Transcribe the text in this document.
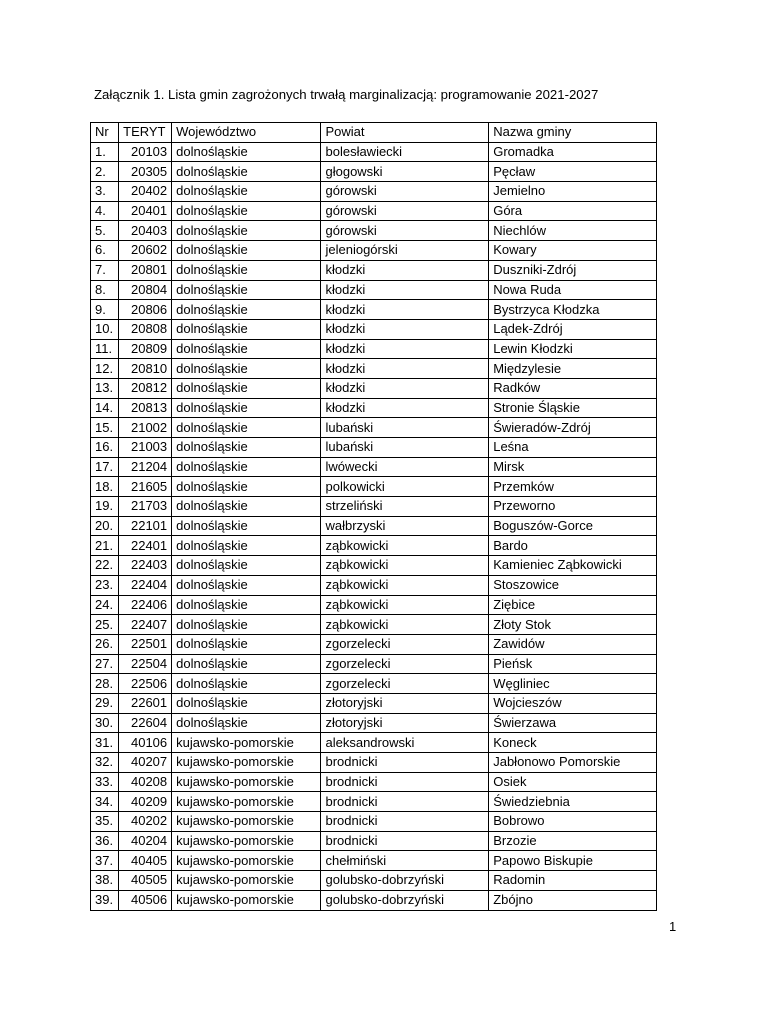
Załącznik 1. Lista gmin zagrożonych trwałą marginalizacją: programowanie 2021-2027
Nr	TERYT	Województwo	Powiat	Nazwa gminy
1.	20103	dolnośląskie	bolesławiecki	Gromadka
2.	20305	dolnośląskie	głogowski	Pęcław
3.	20402	dolnośląskie	górowski	Jemielno
4.	20401	dolnośląskie	górowski	Góra
5.	20403	dolnośląskie	górowski	Niechlów
6.	20602	dolnośląskie	jeleniogórski	Kowary
7.	20801	dolnośląskie	kłodzki	Duszniki-Zdrój
8.	20804	dolnośląskie	kłodzki	Nowa Ruda
9.	20806	dolnośląskie	kłodzki	Bystrzyca Kłodzka
10.	20808	dolnośląskie	kłodzki	Lądek-Zdrój
11.	20809	dolnośląskie	kłodzki	Lewin Kłodzki
12.	20810	dolnośląskie	kłodzki	Międzylesie
13.	20812	dolnośląskie	kłodzki	Radków
14.	20813	dolnośląskie	kłodzki	Stronie Śląskie
15.	21002	dolnośląskie	lubański	Świeradów-Zdrój
16.	21003	dolnośląskie	lubański	Leśna
17.	21204	dolnośląskie	lwówecki	Mirsk
18.	21605	dolnośląskie	polkowicki	Przemków
19.	21703	dolnośląskie	strzeliński	Przeworno
20.	22101	dolnośląskie	wałbrzyski	Boguszów-Gorce
21.	22401	dolnośląskie	ząbkowicki	Bardo
22.	22403	dolnośląskie	ząbkowicki	Kamieniec Ząbkowicki
23.	22404	dolnośląskie	ząbkowicki	Stoszowice
24.	22406	dolnośląskie	ząbkowicki	Ziębice
25.	22407	dolnośląskie	ząbkowicki	Złoty Stok
26.	22501	dolnośląskie	zgorzelecki	Zawidów
27.	22504	dolnośląskie	zgorzelecki	Pieńsk
28.	22506	dolnośląskie	zgorzelecki	Węgliniec
29.	22601	dolnośląskie	złotoryjski	Wojcieszów
30.	22604	dolnośląskie	złotoryjski	Świerzawa
31.	40106	kujawsko-pomorskie	aleksandrowski	Koneck
32.	40207	kujawsko-pomorskie	brodnicki	Jabłonowo Pomorskie
33.	40208	kujawsko-pomorskie	brodnicki	Osiek
34.	40209	kujawsko-pomorskie	brodnicki	Świedziebnia
35.	40202	kujawsko-pomorskie	brodnicki	Bobrowo
36.	40204	kujawsko-pomorskie	brodnicki	Brzozie
37.	40405	kujawsko-pomorskie	chełmiński	Papowo Biskupie
38.	40505	kujawsko-pomorskie	golubsko-dobrzyński	Radomin
39.	40506	kujawsko-pomorskie	golubsko-dobrzyński	Zbójno
1
